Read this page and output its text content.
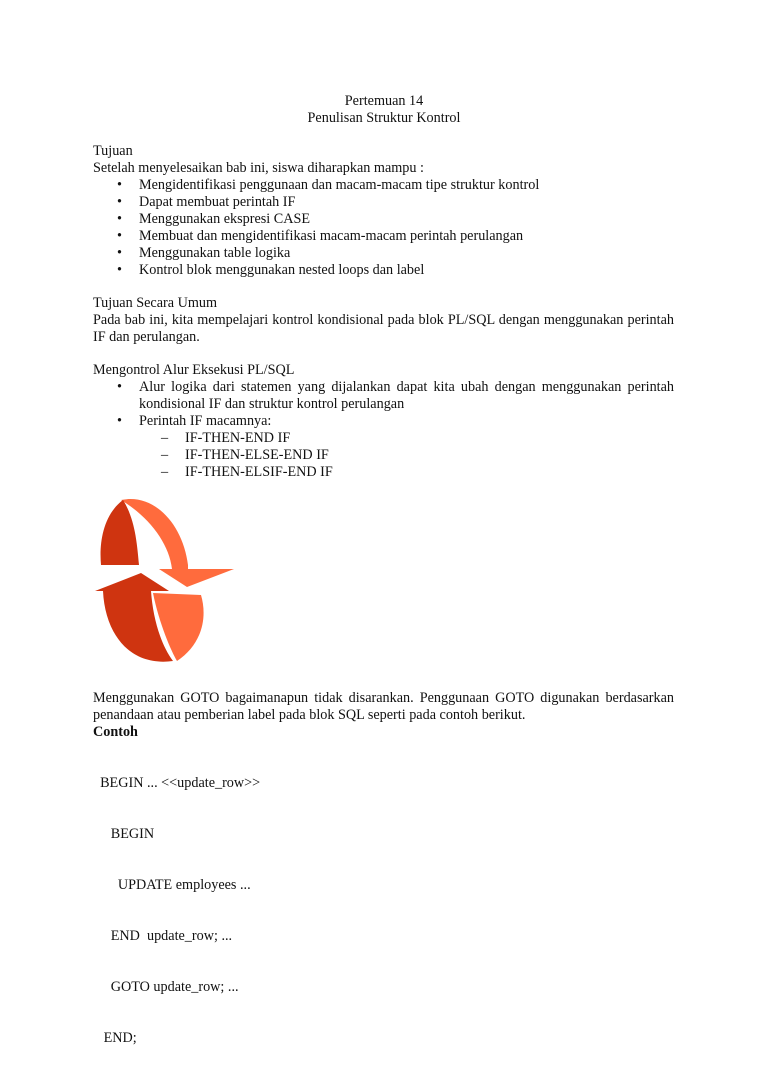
Pertemuan 14
Penulisan Struktur Kontrol
Tujuan
Setelah menyelesaikan bab ini, siswa diharapkan mampu :
• Mengidentifikasi penggunaan dan macam-macam tipe struktur kontrol
• Dapat membuat perintah IF
• Menggunakan ekspresi CASE
• Membuat dan mengidentifikasi macam-macam perintah perulangan
• Menggunakan table logika
• Kontrol blok menggunakan nested loops dan label
Tujuan Secara Umum
Pada bab ini, kita mempelajari kontrol kondisional pada blok PL/SQL dengan menggunakan perintah IF dan perulangan.
Mengontrol Alur Eksekusi PL/SQL
• Alur logika dari statemen yang dijalankan dapat kita ubah dengan menggunakan perintah kondisional IF dan struktur kontrol perulangan
• Perintah IF macamnya:
– IF-THEN-END IF
– IF-THEN-ELSE-END IF
– IF-THEN-ELSIF-END IF
Menggunakan GOTO bagaimanapun tidak disarankan. Penggunaan GOTO digunakan berdasarkan penandaan atau pemberian label pada blok SQL seperti pada contoh berikut.
Contoh

BEGIN ... <<update_row>>

BEGIN

UPDATE employees ...

END  update_row; ...

GOTO update_row; ...

END;
